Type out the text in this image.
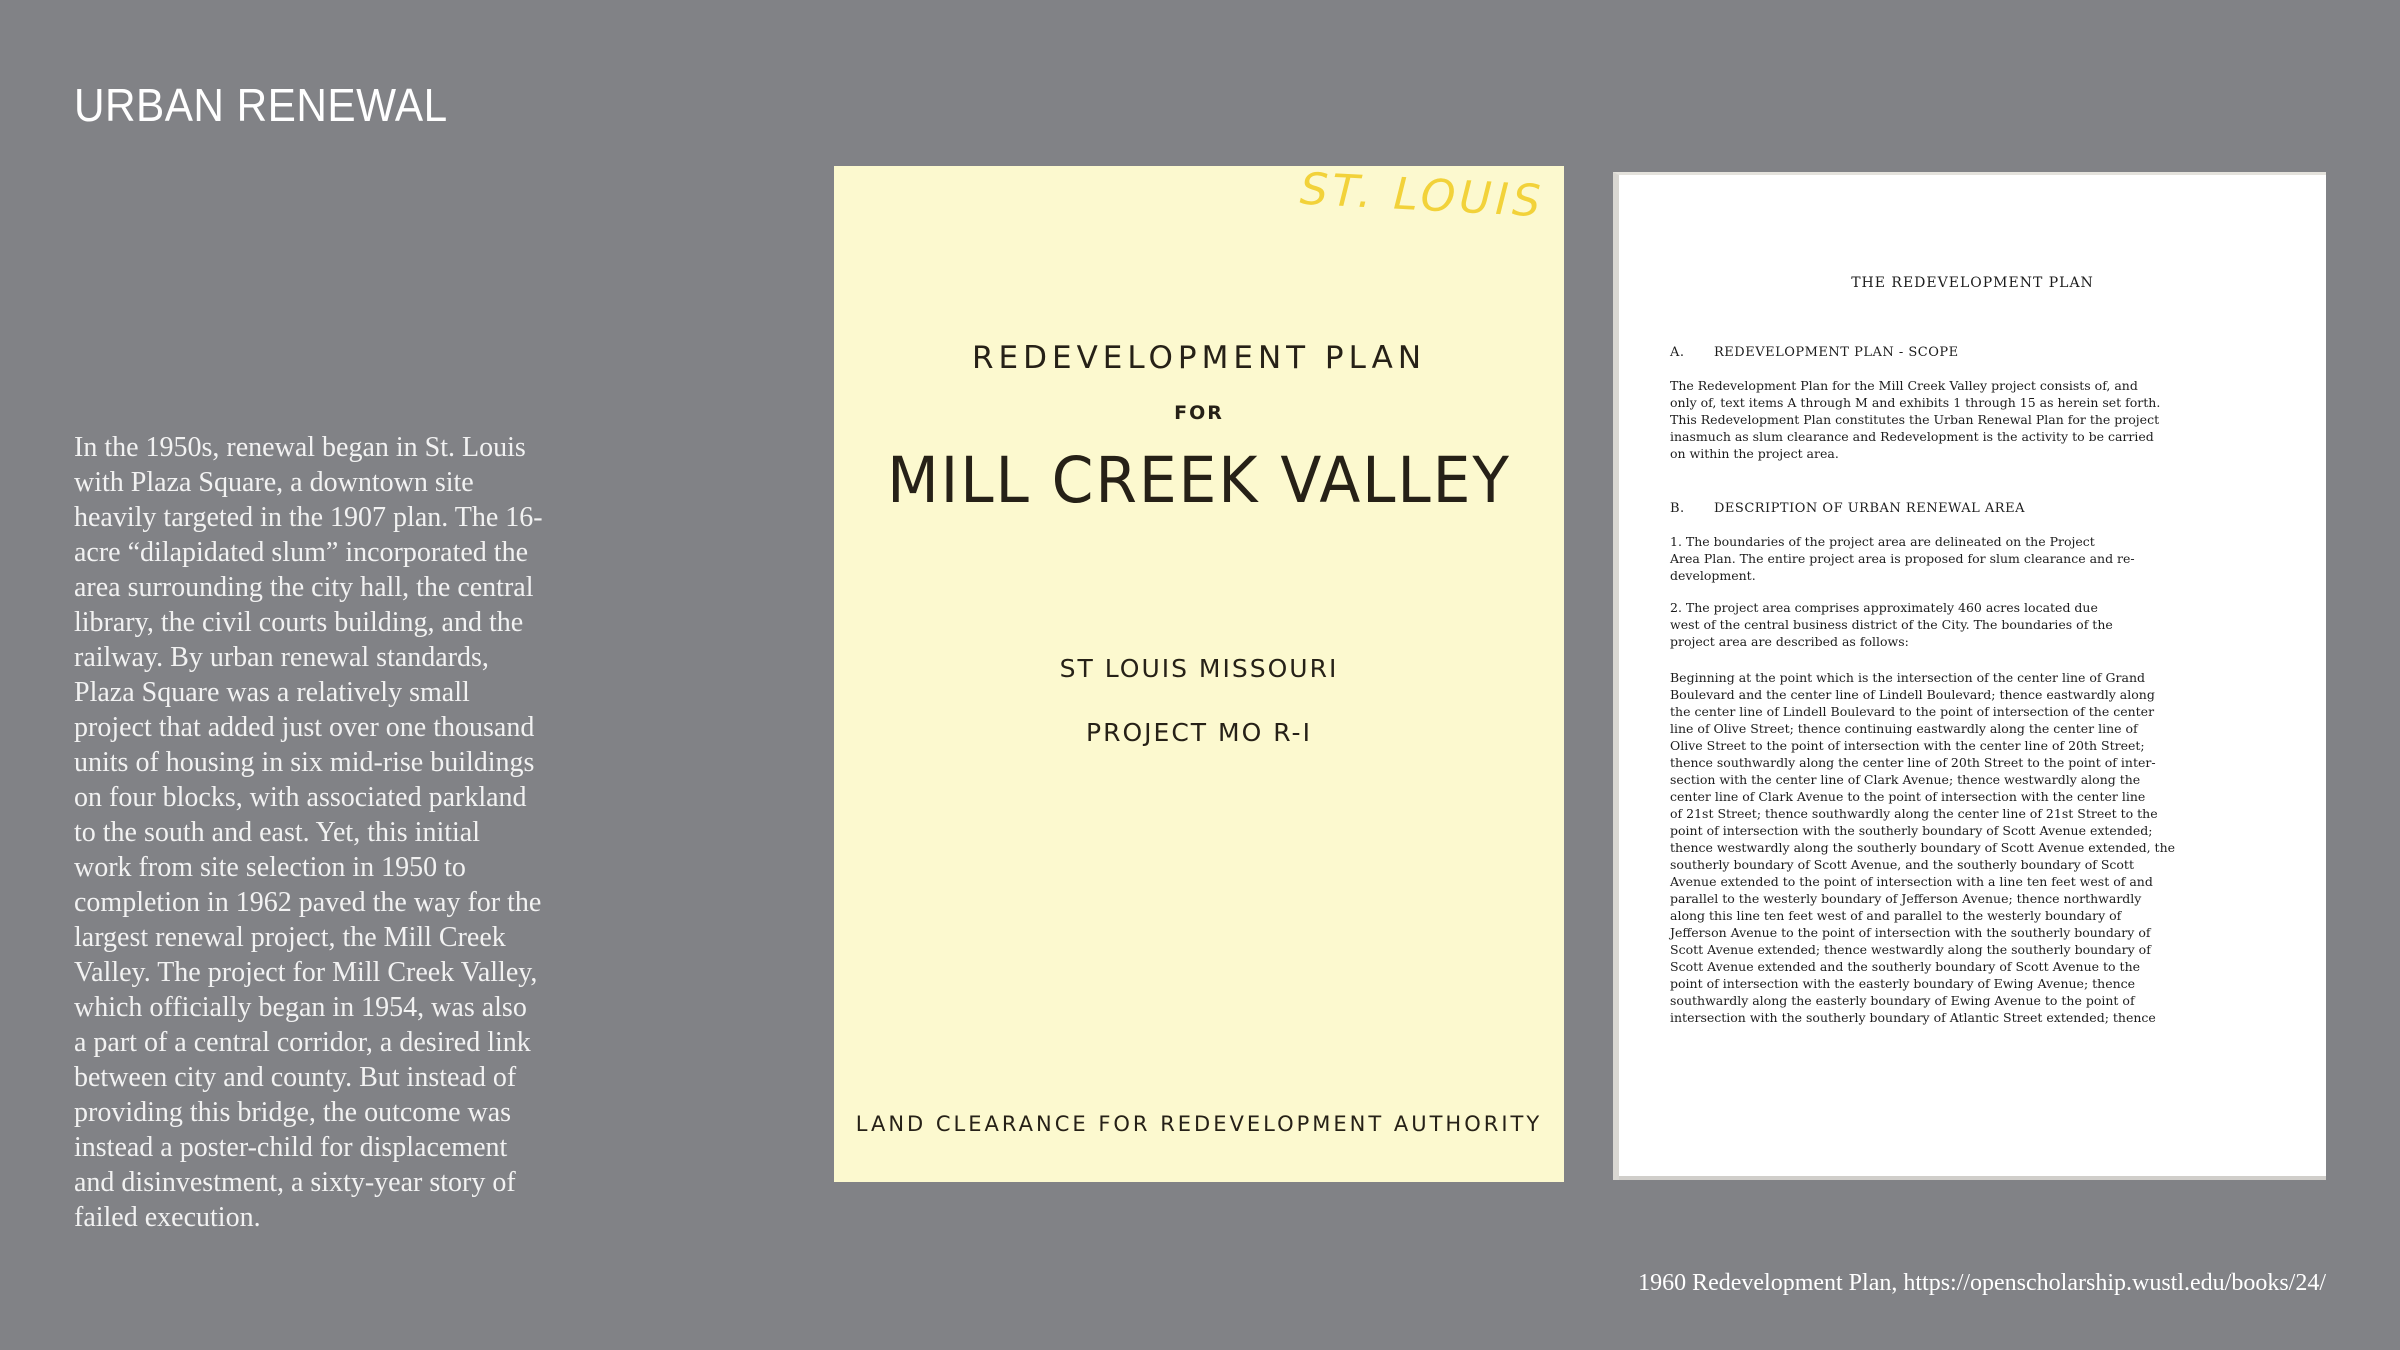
URBAN RENEWAL
In the 1950s, renewal began in St. Louis with Plaza Square, a downtown site heavily targeted in the 1907 plan. The 16- acre “dilapidated slum” incorporated the area surrounding the city hall, the central library, the civil courts building, and the railway. By urban renewal standards, Plaza Square was a relatively small project that added just over one thousand units of housing in six mid-rise buildings on four blocks, with associated parkland to the south and east. Yet, this initial work from site selection in 1950 to completion in 1962 paved the way for the largest renewal project, the Mill Creek Valley. The project for Mill Creek Valley, which officially began in 1954, was also a part of a central corridor, a desired link between city and county. But instead of providing this bridge, the outcome was instead a poster-child for displacement and disinvestment, a sixty-year story of failed execution.
ST. LOUIS
REDEVELOPMENT PLAN
FOR
MILL CREEK VALLEY
ST LOUIS MISSOURI
PROJECT MO R-I
LAND CLEARANCE FOR REDEVELOPMENT AUTHORITY
THE REDEVELOPMENT PLAN
A. REDEVELOPMENT PLAN - SCOPE
The Redevelopment Plan for the Mill Creek Valley project consists of, and
only of, text items A through M and exhibits 1 through 15 as herein set forth.
This Redevelopment Plan constitutes the Urban Renewal Plan for the project
inasmuch as slum clearance and Redevelopment is the activity to be carried
on within the project area.
B. DESCRIPTION OF URBAN RENEWAL AREA
1. The boundaries of the project area are delineated on the Project
Area Plan. The entire project area is proposed for slum clearance and re-
development.
2. The project area comprises approximately 460 acres located due
west of the central business district of the City. The boundaries of the
project area are described as follows:
Beginning at the point which is the intersection of the center line of Grand
Boulevard and the center line of Lindell Boulevard; thence eastwardly along
the center line of Lindell Boulevard to the point of intersection of the center
line of Olive Street; thence continuing eastwardly along the center line of
Olive Street to the point of intersection with the center line of 20th Street;
thence southwardly along the center line of 20th Street to the point of inter-
section with the center line of Clark Avenue; thence westwardly along the
center line of Clark Avenue to the point of intersection with the center line
of 21st Street; thence southwardly along the center line of 21st Street to the
point of intersection with the southerly boundary of Scott Avenue extended;
thence westwardly along the southerly boundary of Scott Avenue extended, the
southerly boundary of Scott Avenue, and the southerly boundary of Scott
Avenue extended to the point of intersection with a line ten feet west of and
parallel to the westerly boundary of Jefferson Avenue; thence northwardly
along this line ten feet west of and parallel to the westerly boundary of
Jefferson Avenue to the point of intersection with the southerly boundary of
Scott Avenue extended; thence westwardly along the southerly boundary of
Scott Avenue extended and the southerly boundary of Scott Avenue to the
point of intersection with the easterly boundary of Ewing Avenue; thence
southwardly along the easterly boundary of Ewing Avenue to the point of
intersection with the southerly boundary of Atlantic Street extended; thence
1960 Redevelopment Plan, https://openscholarship.wustl.edu/books/24/
